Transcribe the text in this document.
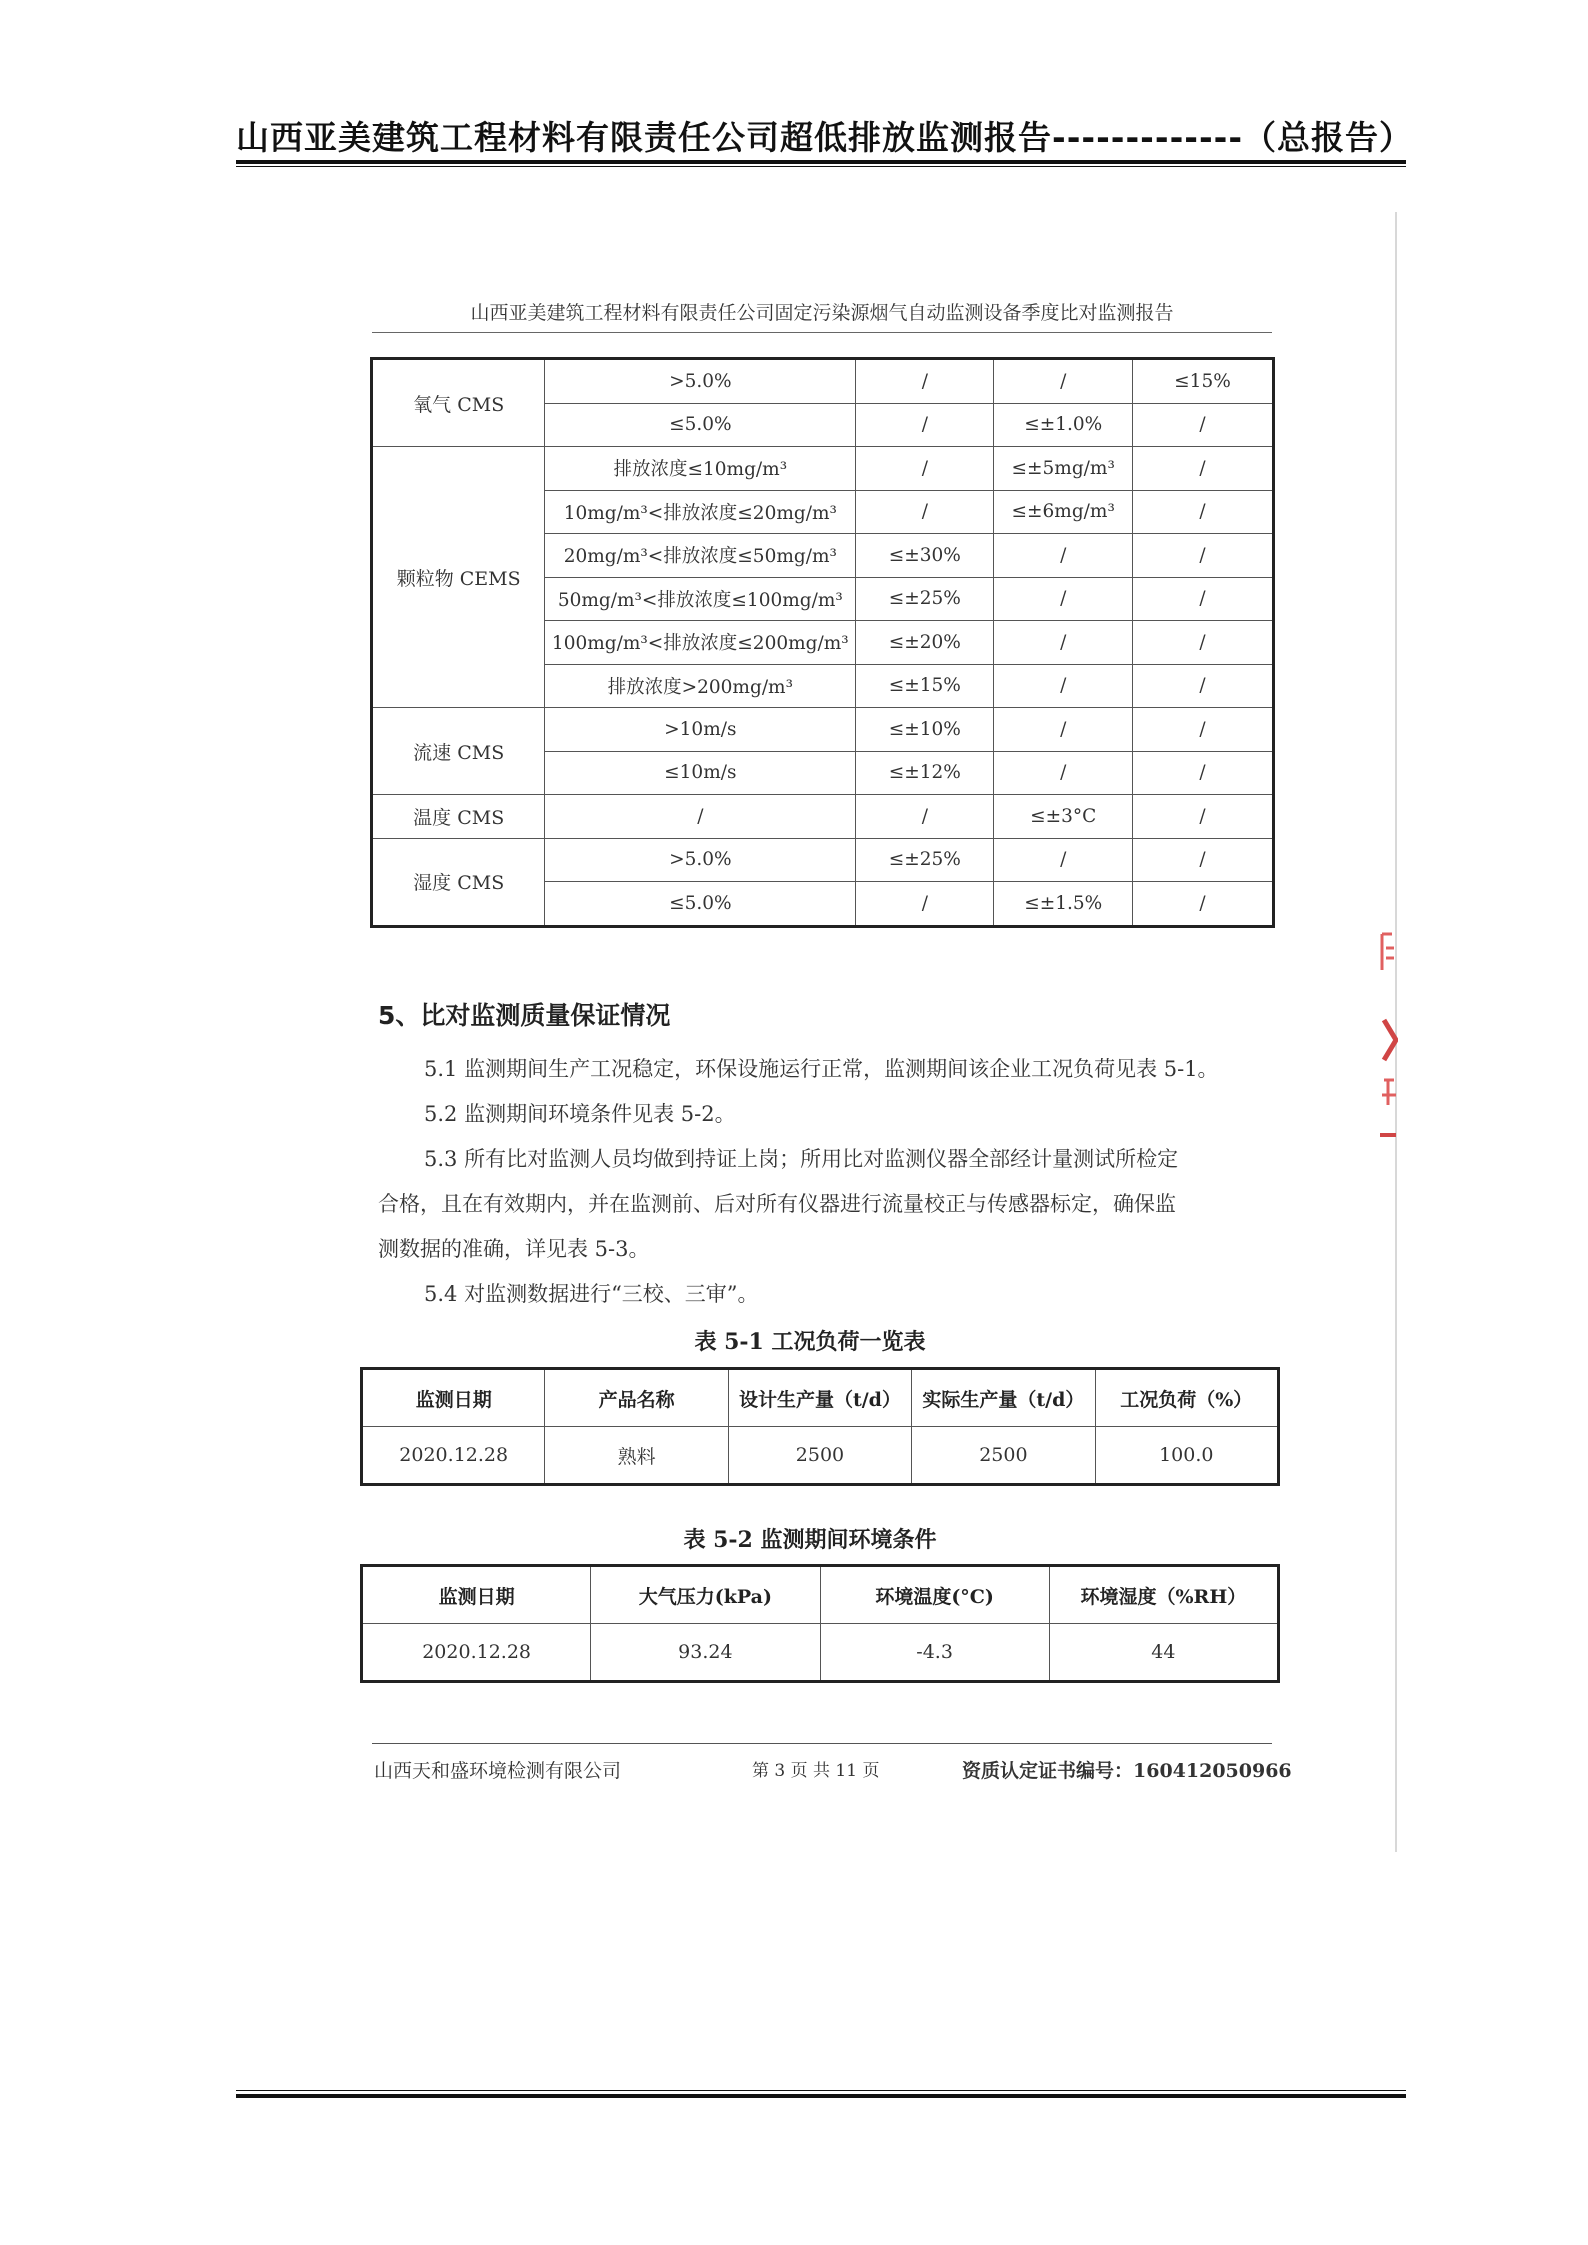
山西亚美建筑工程材料有限责任公司超低排放监测报告-------------（总报告）
山西亚美建筑工程材料有限责任公司固定污染源烟气自动监测设备季度比对监测报告
氧气 CMS	>5.0%	/	/	≤15%
	≤5.0%	/	≤±1.0%	/
颗粒物 CEMS	排放浓度≤10mg/m³	/	≤±5mg/m³	/
	10mg/m³<排放浓度≤20mg/m³	/	≤±6mg/m³	/
	20mg/m³<排放浓度≤50mg/m³	≤±30%	/	/
	50mg/m³<排放浓度≤100mg/m³	≤±25%	/	/
	100mg/m³<排放浓度≤200mg/m³	≤±20%	/	/
	排放浓度>200mg/m³	≤±15%	/	/
流速 CMS	>10m/s	≤±10%	/	/
	≤10m/s	≤±12%	/	/
温度 CMS	/	/	≤±3°C	/
湿度 CMS	>5.0%	≤±25%	/	/
	≤5.0%	/	≤±1.5%	/
5、比对监测质量保证情况
5.1 监测期间生产工况稳定，环保设施运行正常，监测期间该企业工况负荷见表 5-1。
5.2 监测期间环境条件见表 5-2。
5.3 所有比对监测人员均做到持证上岗；所用比对监测仪器全部经计量测试所检定
合格，且在有效期内，并在监测前、后对所有仪器进行流量校正与传感器标定，确保监
测数据的准确，详见表 5-3。
5.4 对监测数据进行“三校、三审”。
表 5-1 工况负荷一览表
监测日期	产品名称	设计生产量（t/d）	实际生产量（t/d）	工况负荷（%）
2020.12.28	熟料	2500	2500	100.0
表 5-2 监测期间环境条件
监测日期	大气压力(kPa)	环境温度(°C)	环境湿度（%RH）
2020.12.28	93.24	-4.3	44
山西天和盛环境检测有限公司	第 3 页 共 11 页	资质认定证书编号：160412050966
